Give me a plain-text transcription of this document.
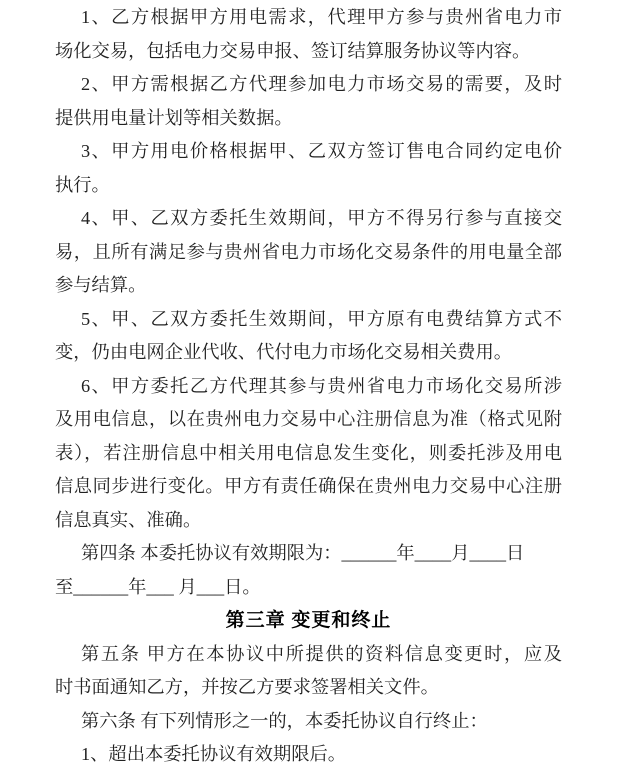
1、乙方根据甲方用电需求，代理甲方参与贵州省电力市
场化交易，包括电力交易申报、签订结算服务协议等内容。

2、甲方需根据乙方代理参加电力市场交易的需要，及时
提供用电量计划等相关数据。

3、甲方用电价格根据甲、乙双方签订售电合同约定电价
执行。

4、甲、乙双方委托生效期间，甲方不得另行参与直接交
易，且所有满足参与贵州省电力市场化交易条件的用电量全部
参与结算。

5、甲、乙双方委托生效期间，甲方原有电费结算方式不
变，仍由电网企业代收、代付电力市场化交易相关费用。

6、甲方委托乙方代理其参与贵州省电力市场化交易所涉
及用电信息，以在贵州电力交易中心注册信息为准（格式见附
表），若注册信息中相关用电信息发生变化，则委托涉及用电
信息同步进行变化。甲方有责任确保在贵州电力交易中心注册
信息真实、准确。

第四条 本委托协议有效期限为：______年____月____日
至______年___ 月___日。

第三章 变更和终止

第五条 甲方在本协议中所提供的资料信息变更时，应及
时书面通知乙方，并按乙方要求签署相关文件。

第六条 有下列情形之一的，本委托协议自行终止：

1、超出本委托协议有效期限后。
